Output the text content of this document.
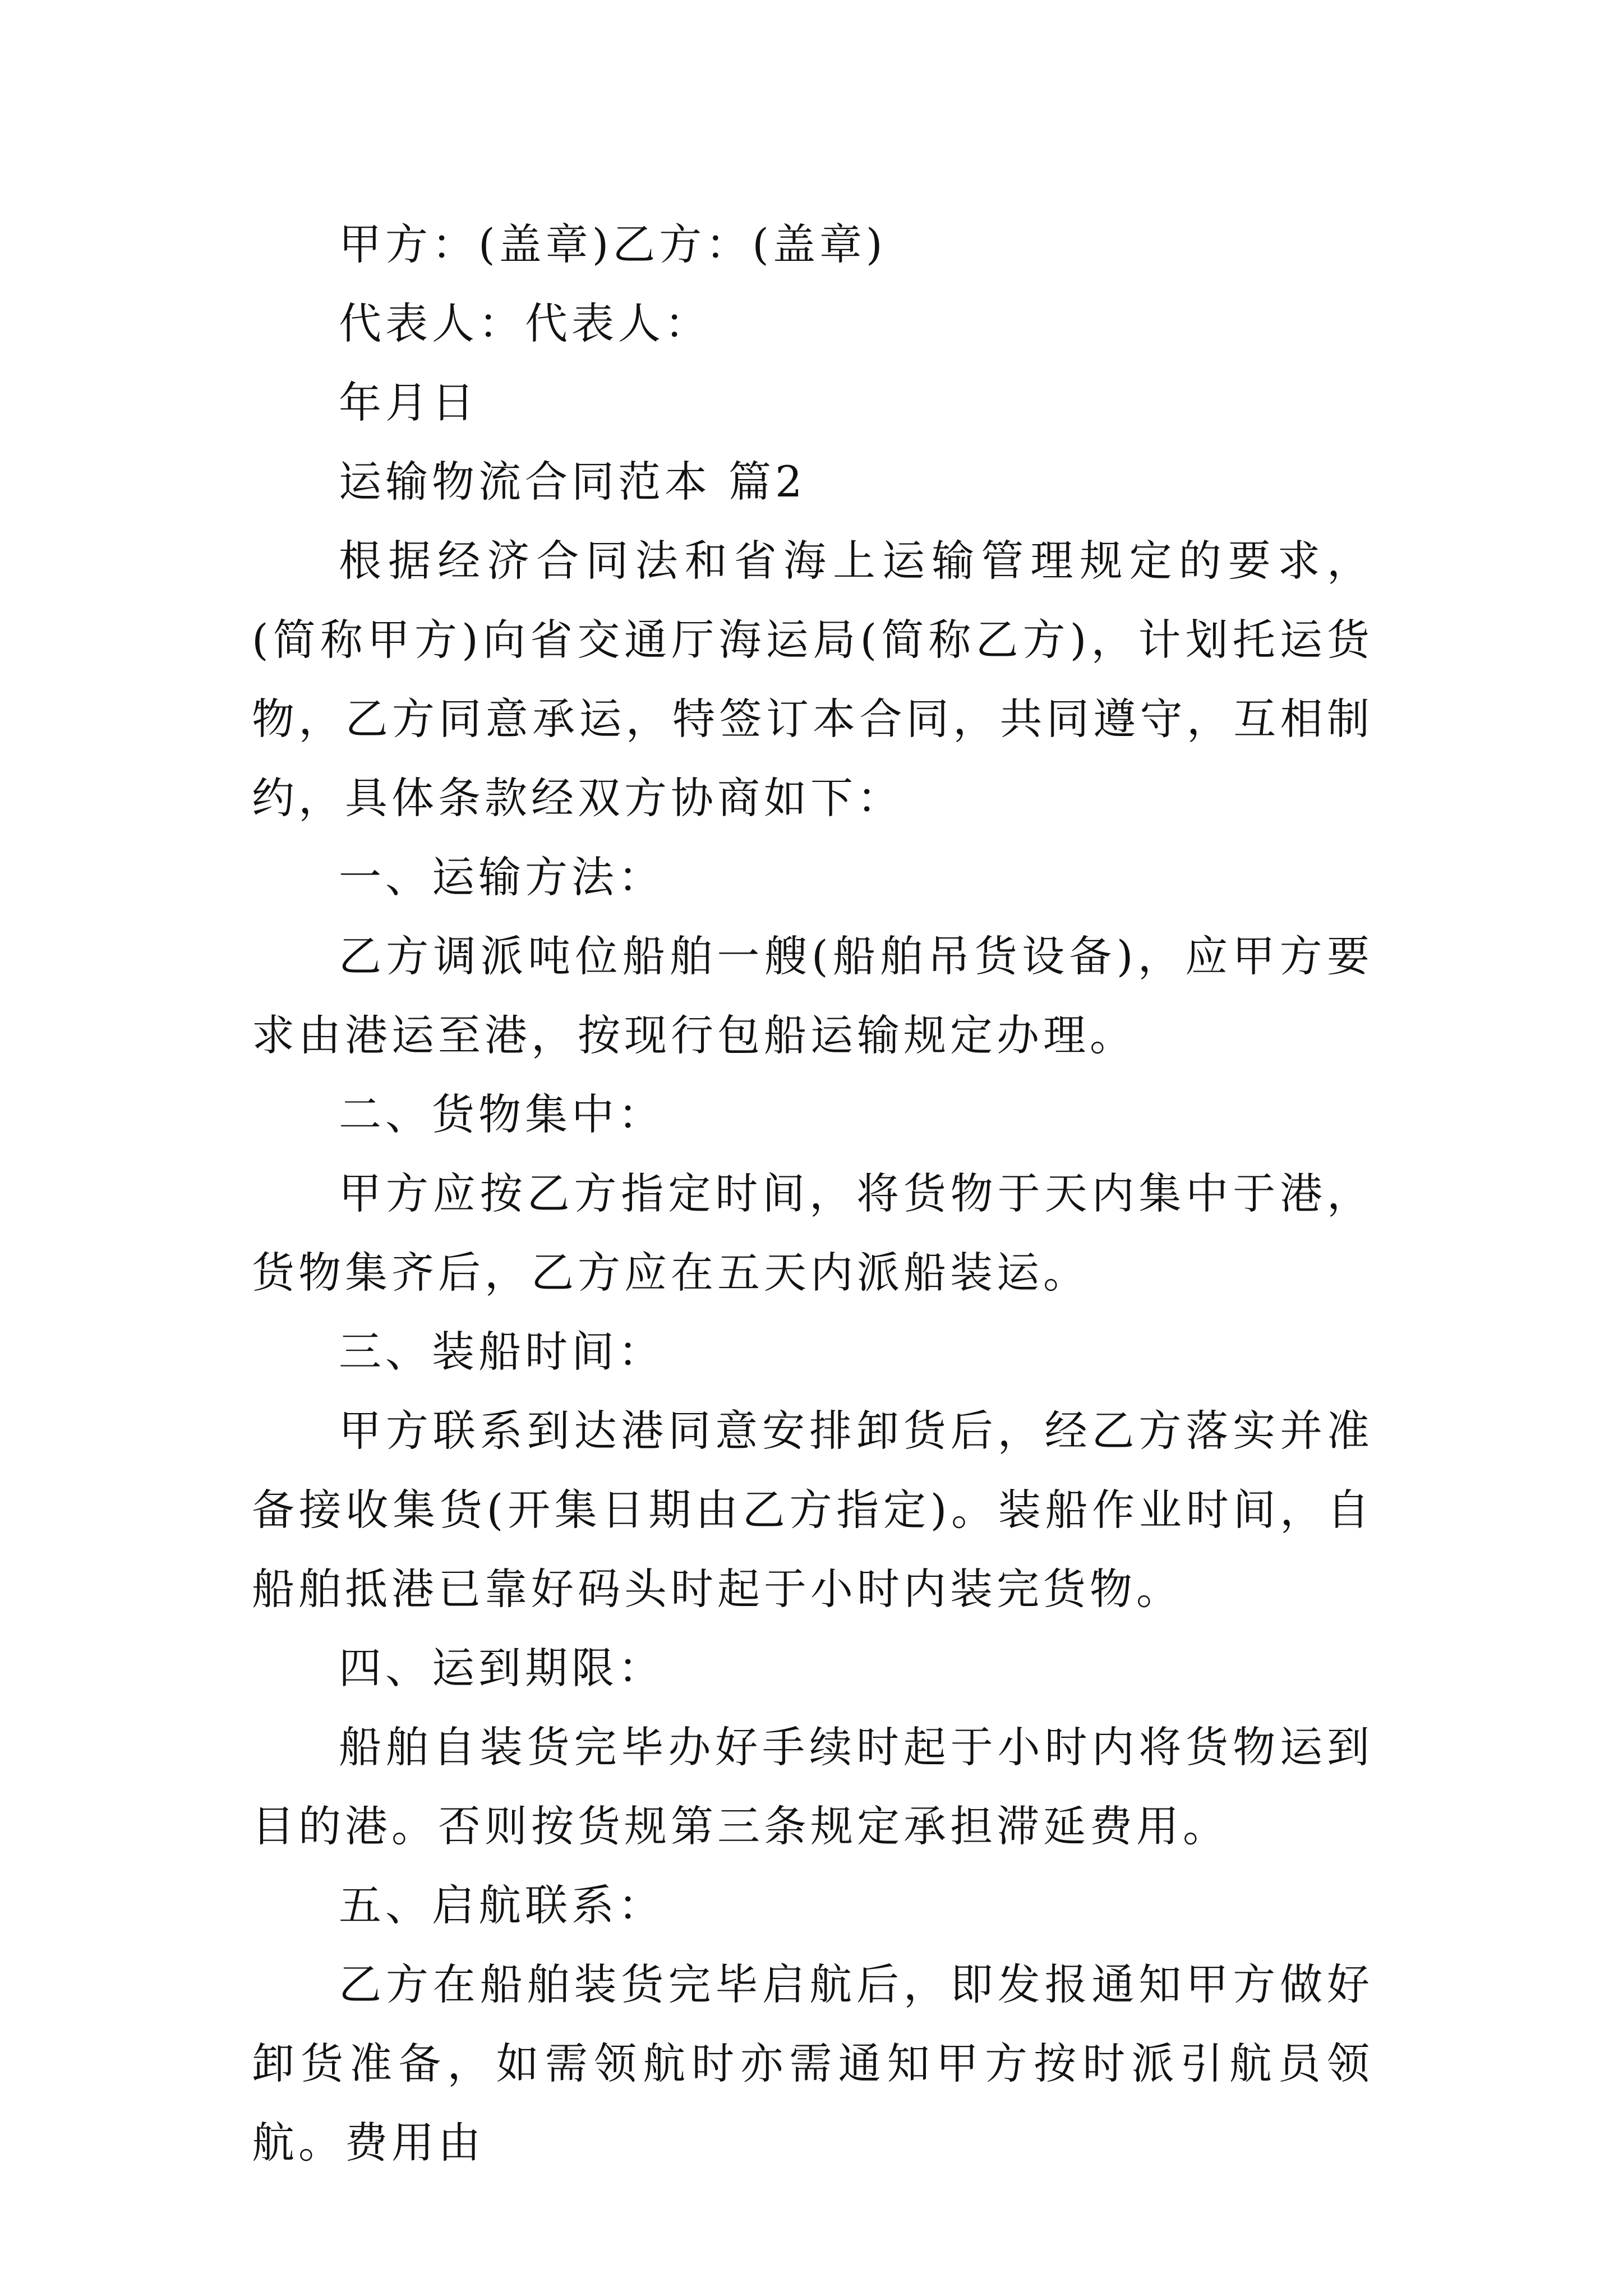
甲方：(盖章)乙方：(盖章)

代表人：代表人：

年月日

运输物流合同范本 篇2

根据经济合同法和省海上运输管理规定的要求，(简称甲方)向省交通厅海运局(简称乙方)，计划托运货物，乙方同意承运，特签订本合同，共同遵守，互相制约，具体条款经双方协商如下：

一、运输方法：

乙方调派吨位船舶一艘(船舶吊货设备)，应甲方要求由港运至港，按现行包船运输规定办理。

二、货物集中：

甲方应按乙方指定时间，将货物于天内集中于港，货物集齐后，乙方应在五天内派船装运。

三、装船时间：

甲方联系到达港同意安排卸货后，经乙方落实并准备接收集货(开集日期由乙方指定)。装船作业时间，自船舶抵港已靠好码头时起于小时内装完货物。

四、运到期限：

船舶自装货完毕办好手续时起于小时内将货物运到目的港。否则按货规第三条规定承担滞延费用。

五、启航联系：

乙方在船舶装货完毕启航后，即发报通知甲方做好卸货准备，如需领航时亦需通知甲方按时派引航员领航。费用由
